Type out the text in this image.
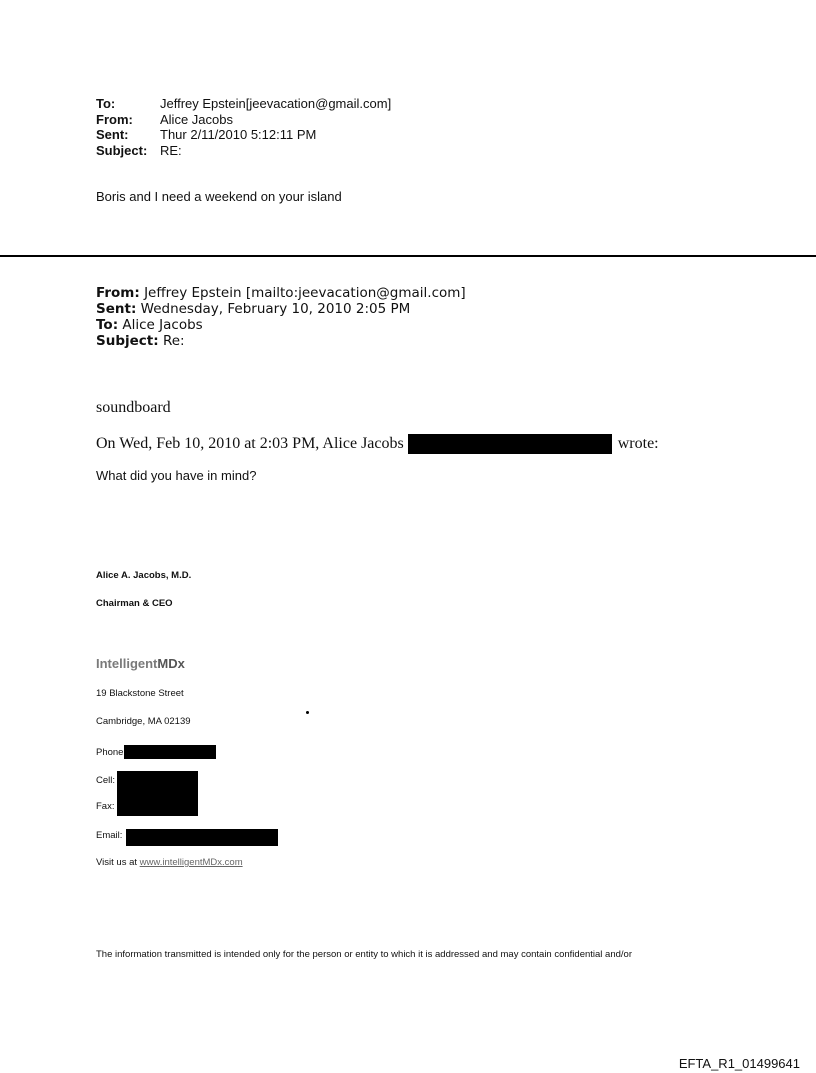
To:	Jeffrey Epstein[jeevacation@gmail.com]
From:	Alice Jacobs
Sent:	Thur 2/11/2010 5:12:11 PM
Subject: RE:
Boris and I need a weekend on your island
From: Jeffrey Epstein [mailto:jeevacation@gmail.com]
Sent: Wednesday, February 10, 2010 2:05 PM
To: Alice Jacobs
Subject: Re:
soundboard
On Wed, Feb 10, 2010 at 2:03 PM, Alice Jacobs	wrote:
What did you have in mind?
Alice A. Jacobs, M.D.
Chairman & CEO
IntelligentMDx
19 Blackstone Street
Cambridge, MA 02139
Phone
Cell:
Fax:
Email:
Visit us at www.intelligentMDx.com
The information transmitted is intended only for the person or entity to which it is addressed and may contain confidential and/or
EFTA_R1_01499641
